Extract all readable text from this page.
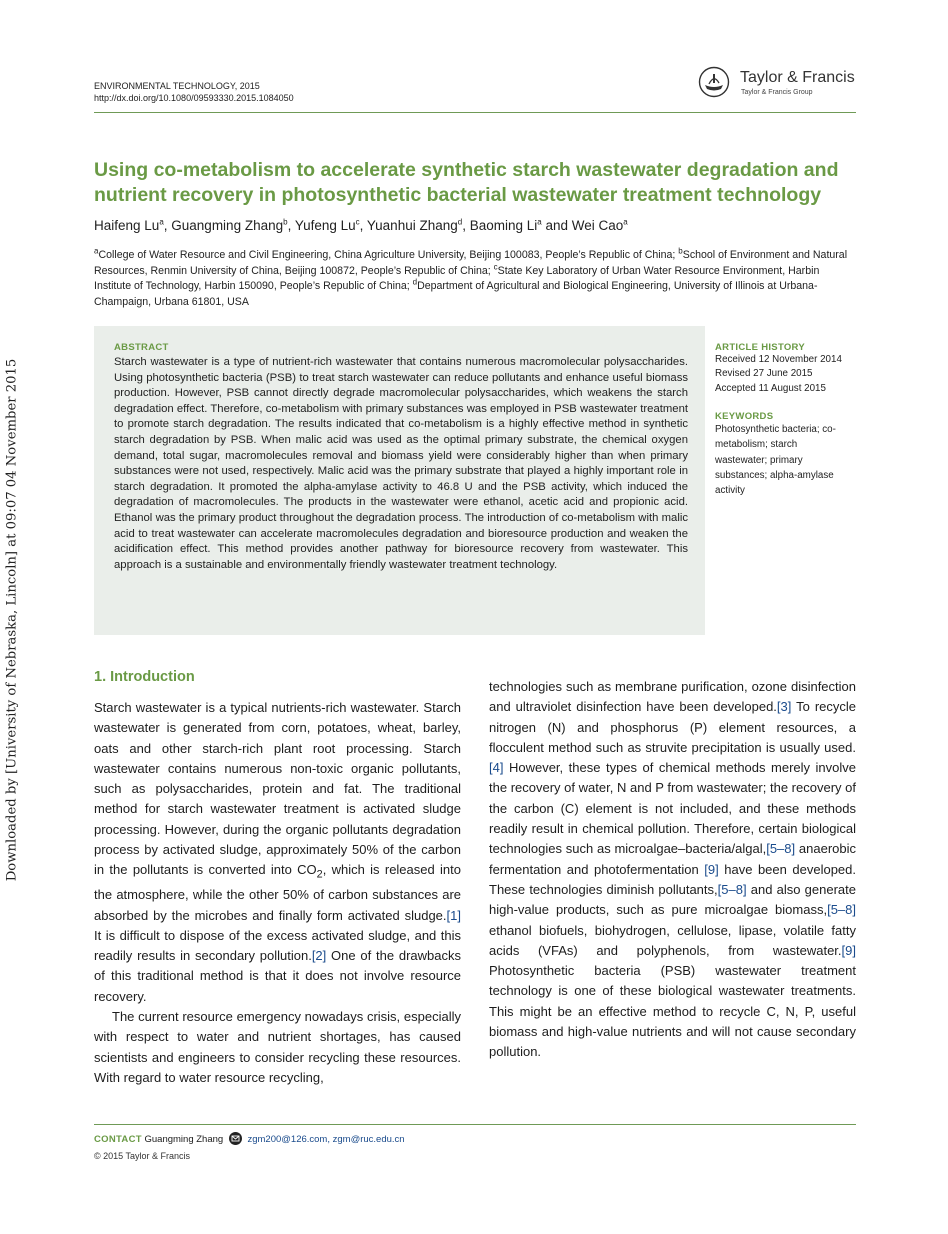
Downloaded by [University of Nebraska, Lincoln] at 09:07 04 November 2015
ENVIRONMENTAL TECHNOLOGY, 2015
http://dx.doi.org/10.1080/09593330.2015.1084050
Taylor & Francis
Taylor & Francis Group
Using co-metabolism to accelerate synthetic starch wastewater degradation and nutrient recovery in photosynthetic bacterial wastewater treatment technology
Haifeng Lu$^a$, Guangming Zhang$^b$, Yufeng Lu$^c$, Yuanhui Zhang$^d$, Baoming Li$^a$ and Wei Cao$^a$
$^a$College of Water Resource and Civil Engineering, China Agriculture University, Beijing 100083, People’s Republic of China; $^b$School of Environment and Natural Resources, Renmin University of China, Beijing 100872, People’s Republic of China; $^c$State Key Laboratory of Urban Water Resource Environment, Harbin Institute of Technology, Harbin 150090, People’s Republic of China; $^d$Department of Agricultural and Biological Engineering, University of Illinois at Urbana-Champaign, Urbana 61801, USA
ABSTRACT
Starch wastewater is a type of nutrient-rich wastewater that contains numerous macromolecular polysaccharides. Using photosynthetic bacteria (PSB) to treat starch wastewater can reduce pollutants and enhance useful biomass production. However, PSB cannot directly degrade macromolecular polysaccharides, which weakens the starch degradation effect. Therefore, co-metabolism with primary substances was employed in PSB wastewater treatment to promote starch degradation. The results indicated that co-metabolism is a highly effective method in synthetic starch degradation by PSB. When malic acid was used as the optimal primary substrate, the chemical oxygen demand, total sugar, macromolecules removal and biomass yield were considerably higher than when primary substances were not used, respectively. Malic acid was the primary substrate that played a highly important role in starch degradation. It promoted the alpha-amylase activity to 46.8 U and the PSB activity, which induced the degradation of macromolecules. The products in the wastewater were ethanol, acetic acid and propionic acid. Ethanol was the primary product throughout the degradation process. The introduction of co-metabolism with malic acid to treat wastewater can accelerate macromolecules degradation and bioresource production and weaken the acidification effect. This method provides another pathway for bioresource recovery from wastewater. This approach is a sustainable and environmentally friendly wastewater treatment technology.
ARTICLE HISTORY
Received 12 November 2014
Revised 27 June 2015
Accepted 11 August 2015
KEYWORDS
Photosynthetic bacteria; co-metabolism; starch wastewater; primary substances; alpha-amylase activity
1. Introduction

Starch wastewater is a typical nutrients-rich wastewater. Starch wastewater is generated from corn, potatoes, wheat, barley, oats and other starch-rich plant root processing. Starch wastewater contains numerous non-toxic organic pollutants, such as polysaccharides, protein and fat. The traditional method for starch wastewater treatment is activated sludge processing. However, during the organic pollutants degradation process by activated sludge, approximately 50% of the carbon in the pollutants is converted into $CO_2$, which is released into the atmosphere, while the other 50% of carbon substances are absorbed by the microbes and finally form activated sludge.[1] It is difficult to dispose of the excess activated sludge, and this readily results in secondary pollution.[2] One of the drawbacks of this traditional method is that it does not involve resource recovery.

The current resource emergency nowadays crisis, especially with respect to water and nutrient shortages, has caused scientists and engineers to consider recycling these resources. With regard to water resource recycling,

technologies such as membrane purification, ozone disinfection and ultraviolet disinfection have been developed.[3] To recycle nitrogen (N) and phosphorus (P) element resources, a flocculent method such as struvite precipitation is usually used.[4] However, these types of chemical methods merely involve the recovery of water, N and P from wastewater; the recovery of the carbon (C) element is not included, and these methods readily result in chemical pollution. Therefore, certain biological technologies such as microalgae–bacteria/algal,[5–8] anaerobic fermentation and photofermentation [9] have been developed. These technologies diminish pollutants,[5–8] and also generate high-value products, such as pure microalgae biomass,[5–8] ethanol biofuels, biohydrogen, cellulose, lipase, volatile fatty acids (VFAs) and polyphenols, from wastewater.[9] Photosynthetic bacteria (PSB) wastewater treatment technology is one of these biological wastewater treatments. This might be an effective method to recycle C, N, P, useful biomass and high-value nutrients and will not cause secondary pollution.

CONTACT Guangming Zhang	zgm200@126.com, zgm@ruc.edu.cn
© 2015 Taylor & Francis
